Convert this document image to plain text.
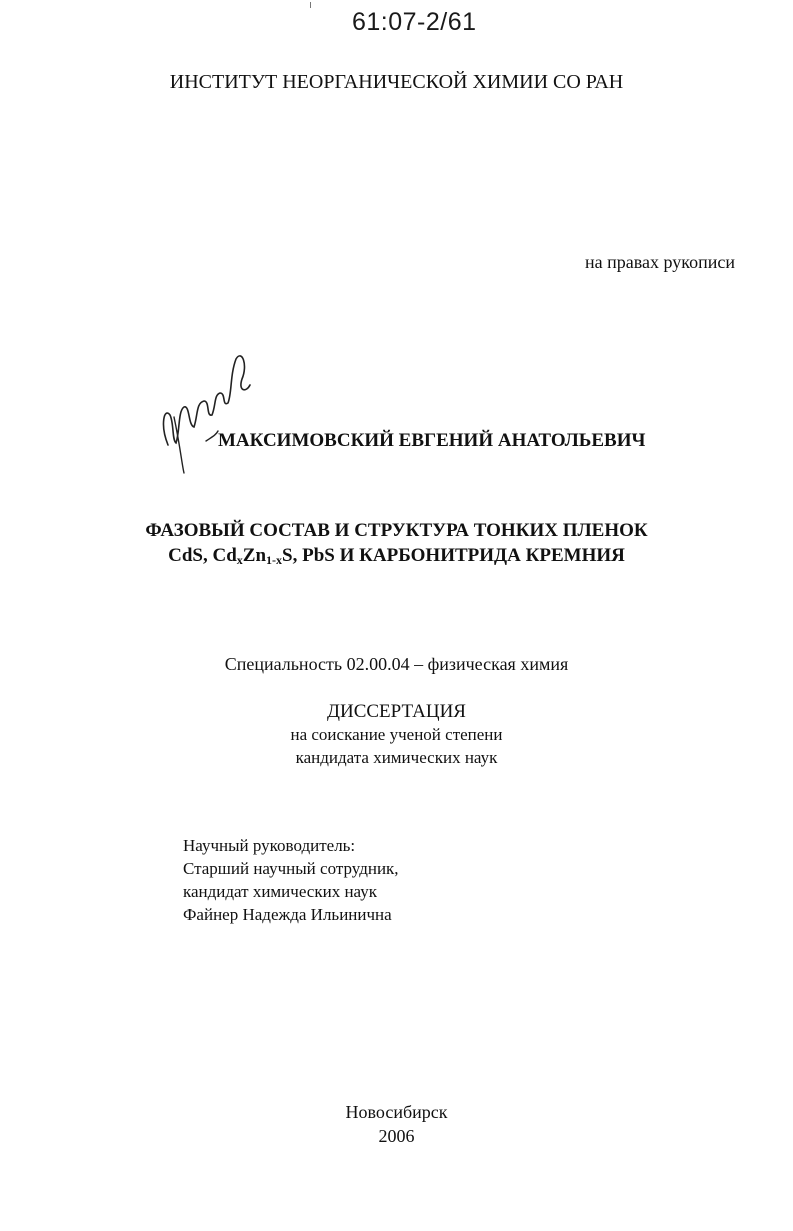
61:07-2/61
ИНСТИТУТ НЕОРГАНИЧЕСКОЙ ХИМИИ СО РАН
на правах рукописи
МАКСИМОВСКИЙ ЕВГЕНИЙ АНАТОЛЬЕВИЧ
ФАЗОВЫЙ СОСТАВ И СТРУКТУРА ТОНКИХ ПЛЕНОК
CdS, $Cd_xZn_{1-x}S$, PbS И КАРБОНИТРИДА КРЕМНИЯ
Специальность 02.00.04 – физическая химия
ДИССЕРТАЦИЯ
на соискание ученой степени
кандидата химических наук
Научный руководитель:
Старший научный сотрудник,
кандидат химических наук
Файнер Надежда Ильинична
Новосибирск
2006
